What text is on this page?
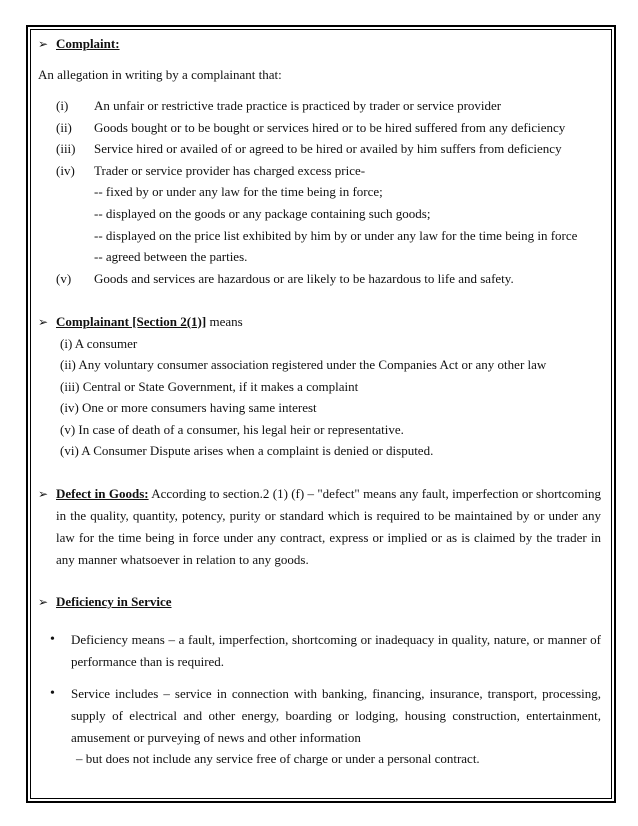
➢ Complaint:
An allegation in writing by a complainant that:
(i) An unfair or restrictive trade practice is practiced by trader or service provider
(ii) Goods bought or to be bought or services hired or to be hired suffered from any deficiency
(iii) Service hired or availed of or agreed to be hired or availed by him suffers from deficiency
(iv) Trader or service provider has charged excess price-
-- fixed by or under any law for the time being in force;
-- displayed on the goods or any package containing such goods;
-- displayed on the price list exhibited by him by or under any law for the time being in force
-- agreed between the parties.
(v) Goods and services are hazardous or are likely to be hazardous to life and safety.
➢ Complainant [Section 2(1)] means
(i) A consumer
(ii) Any voluntary consumer association registered under the Companies Act or any other law
(iii) Central or State Government, if it makes a complaint
(iv) One or more consumers having same interest
(v) In case of death of a consumer, his legal heir or representative.
(vi) A Consumer Dispute arises when a complaint is denied or disputed.
➢ Defect in Goods: According to section.2 (1) (f) – "defect" means any fault, imperfection or shortcoming in the quality, quantity, potency, purity or standard which is required to be maintained by or under any law for the time being in force under any contract, express or implied or as is claimed by the trader in any manner whatsoever in relation to any goods.
➢ Deficiency in Service
• Deficiency means – a fault, imperfection, shortcoming or inadequacy in quality, nature, or manner of performance than is required.
• Service includes – service in connection with banking, financing, insurance, transport, processing, supply of electrical and other energy, boarding or lodging, housing construction, entertainment, amusement or purveying of news and other information
– but does not include any service free of charge or under a personal contract.
